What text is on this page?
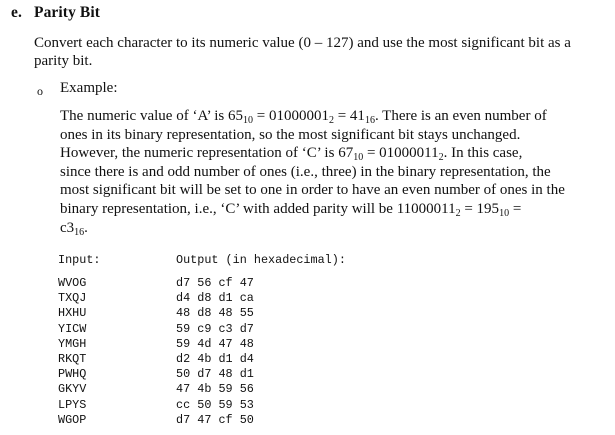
e. Parity Bit
Convert each character to its numeric value (0 – 127) and use the most significant bit as a
parity bit.
o Example:
The numeric value of ‘A’ is $65_{10} = 01000001_2 = 41_{16}$. There is an even number of
ones in its binary representation, so the most significant bit stays unchanged.
However, the numeric representation of ‘C’ is $67_{10} = 01000011_2$. In this case,
since there is and odd number of ones (i.e., three) in the binary representation, the
most significant bit will be set to one in order to have an even number of ones in the
binary representation, i.e., ‘C’ with added parity will be $11000011_2 = 195_{10}$ =
$c3_{16}$.
Input:	Output (in hexadecimal):
WVOG	d7 56 cf 47
TXQJ	d4 d8 d1 ca
HXHU	48 d8 48 55
YICW	59 c9 c3 d7
YMGH	59 4d 47 48
RKQT	d2 4b d1 d4
PWHQ	50 d7 48 d1
GKYV	47 4b 59 56
LPYS	cc 50 59 53
WGOP	d7 47 cf 50
